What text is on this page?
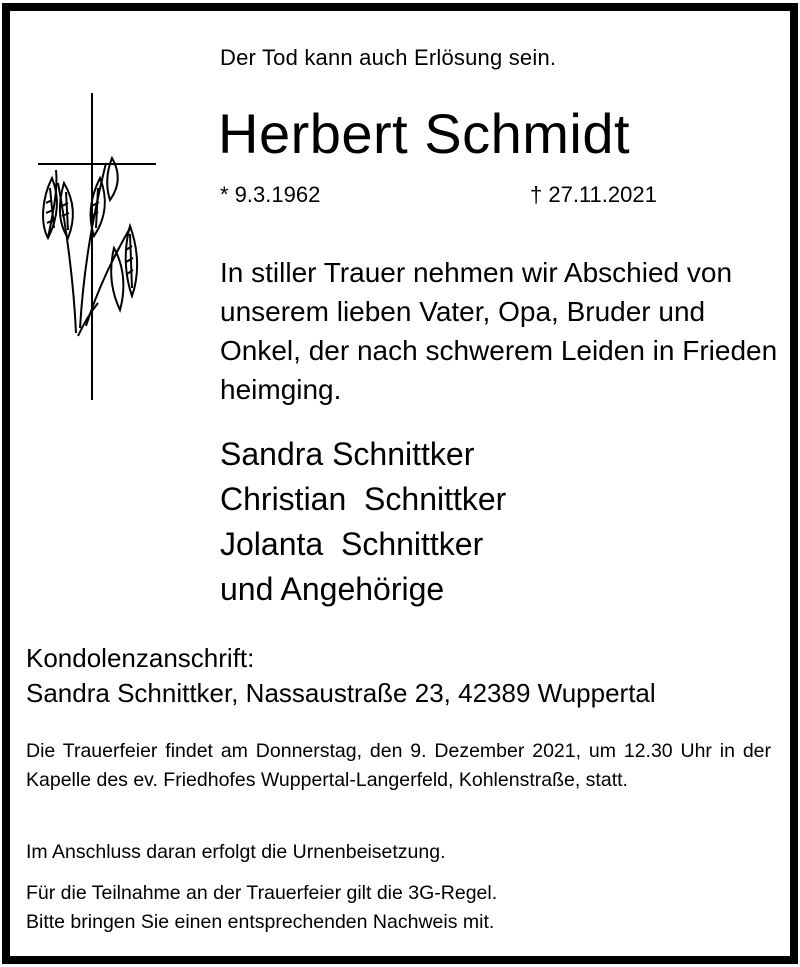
Der Tod kann auch Erlösung sein.
Herbert Schmidt
* 9.3.1962	† 27.11.2021
In stiller Trauer nehmen wir Abschied von unserem lieben Vater, Opa, Bruder und Onkel, der nach schwerem Leiden in Frieden heimging.
Sandra Schnittker
Christian  Schnittker
Jolanta  Schnittker
und Angehörige
Kondolenzanschrift:
Sandra Schnittker, Nassaustraße 23, 42389 Wuppertal
Die Trauerfeier findet am Donnerstag, den 9. Dezember 2021, um 12.30 Uhr in der Kapelle des ev. Friedhofes Wuppertal-Langerfeld, Kohlenstraße, statt.
Im Anschluss daran erfolgt die Urnenbeisetzung.
Für die Teilnahme an der Trauerfeier gilt die 3G-Regel.
Bitte bringen Sie einen entsprechenden Nachweis mit.
